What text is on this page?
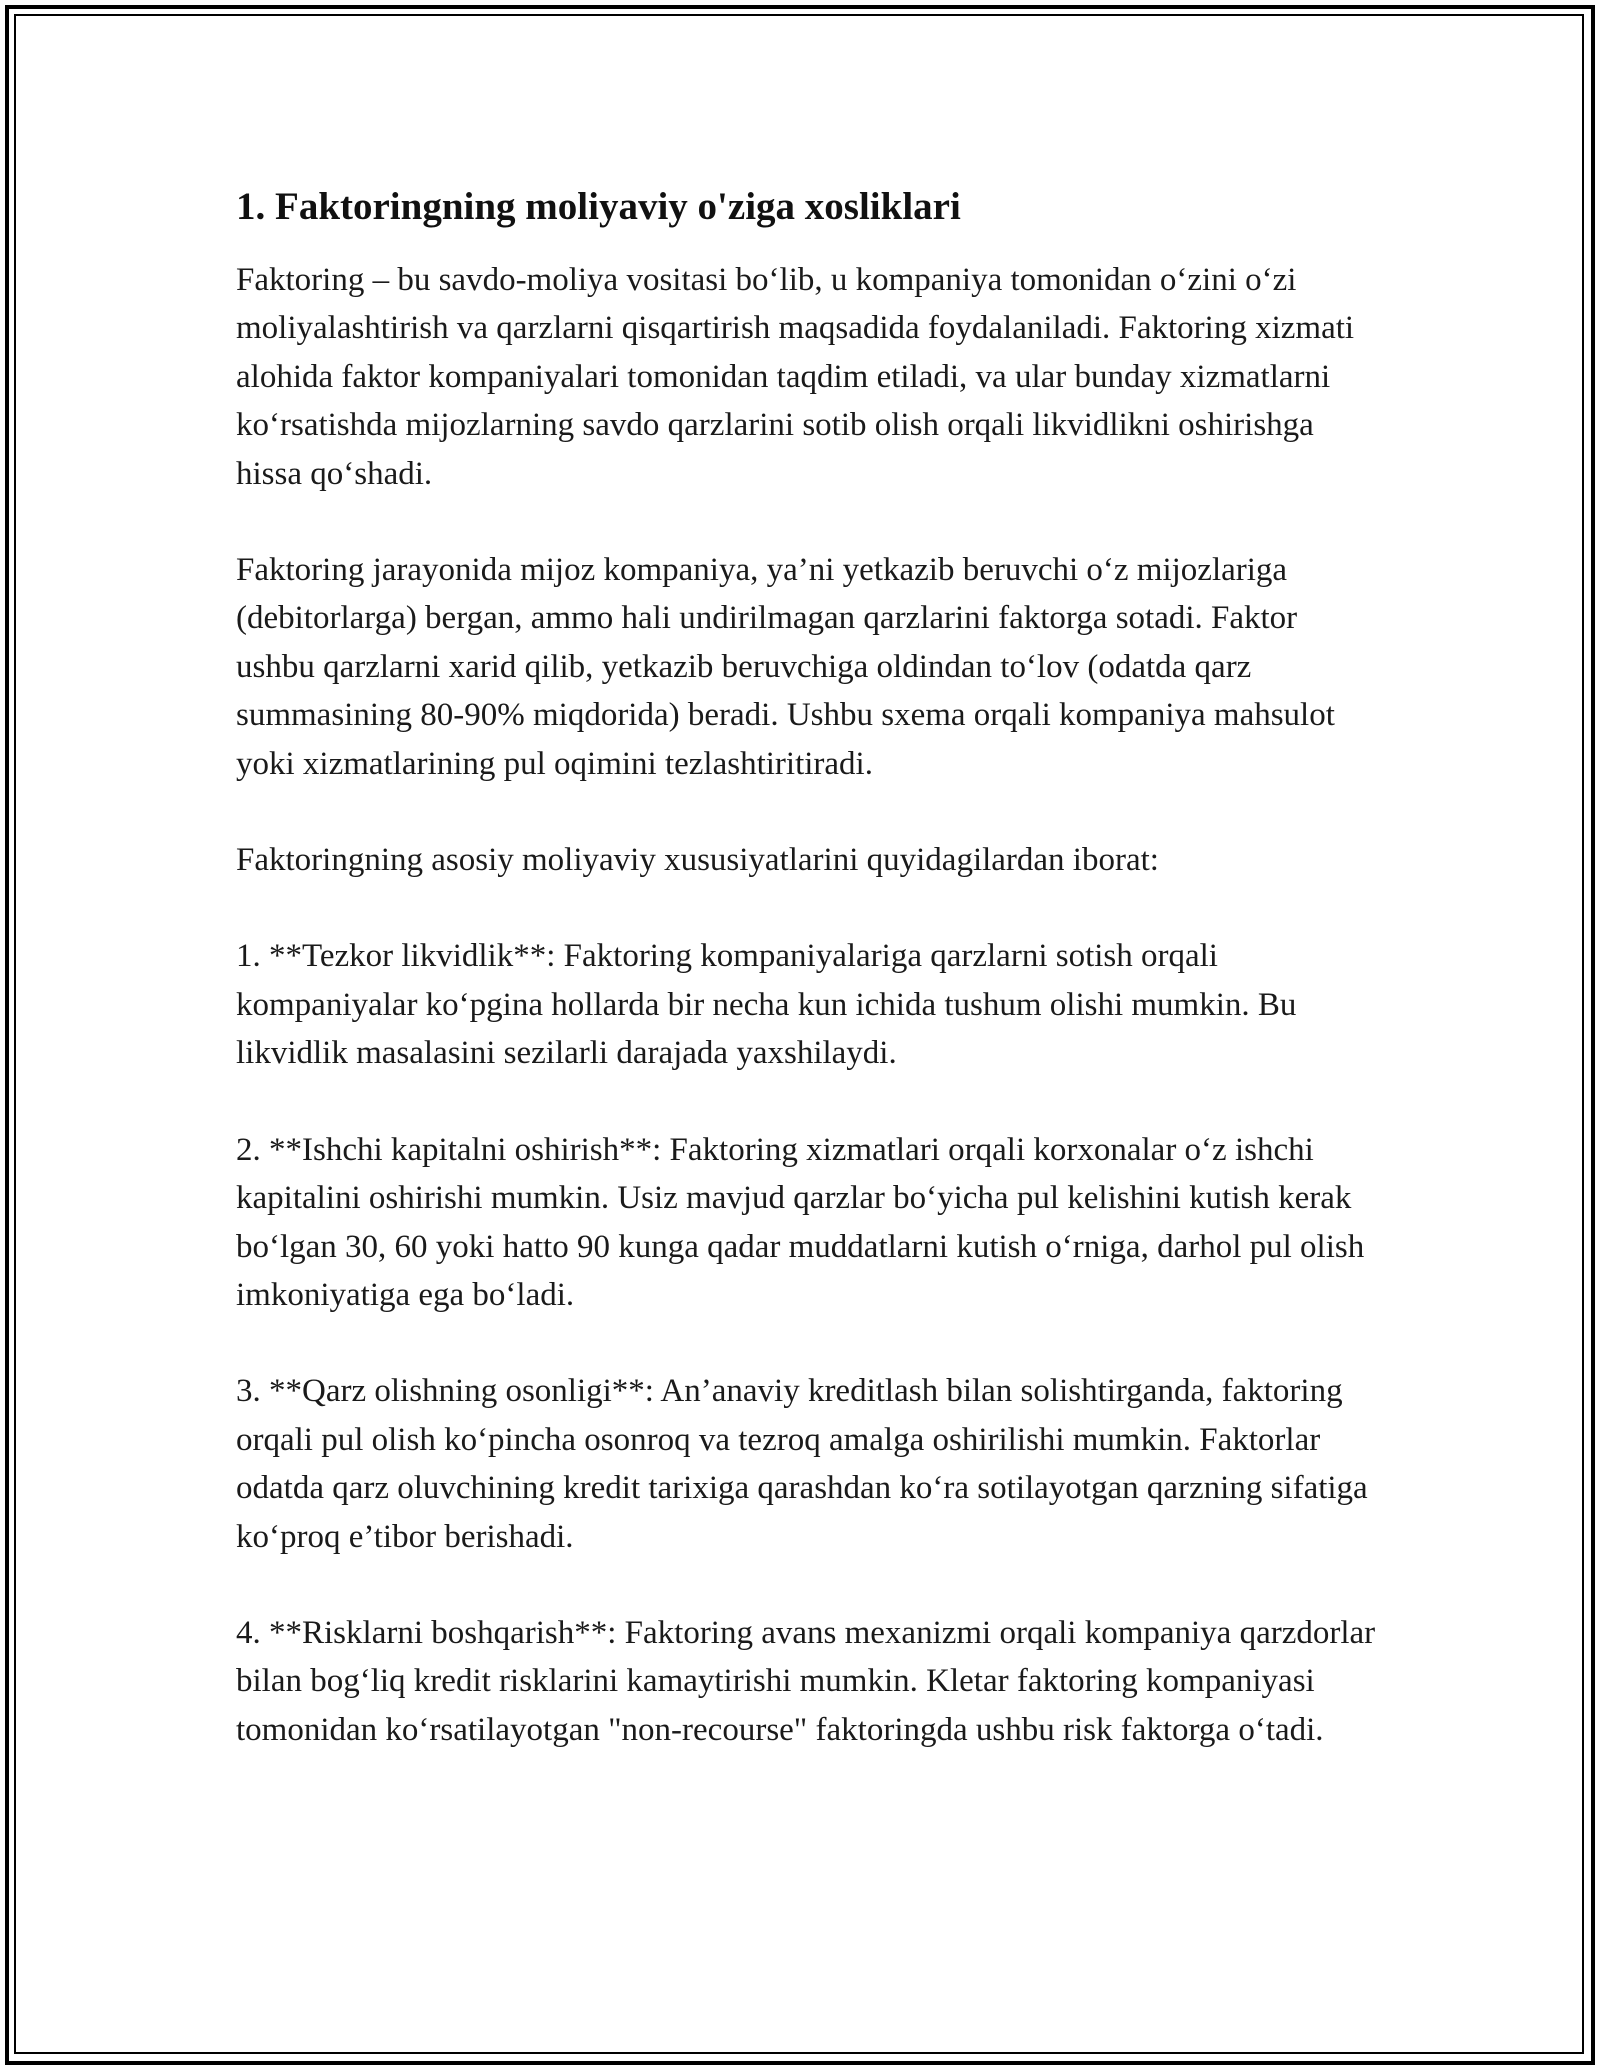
1. Faktoringning moliyaviy o'ziga xosliklari

Faktoring – bu savdo-moliya vositasi bo‘lib, u kompaniya tomonidan o‘zini o‘zi moliyalashtirish va qarzlarni qisqartirish maqsadida foydalaniladi. Faktoring xizmati alohida faktor kompaniyalari tomonidan taqdim etiladi, va ular bunday xizmatlarni ko‘rsatishda mijozlarning savdo qarzlarini sotib olish orqali likvidlikni oshirishga hissa qo‘shadi.

Faktoring jarayonida mijoz kompaniya, ya’ni yetkazib beruvchi o‘z mijozlariga (debitorlarga) bergan, ammo hali undirilmagan qarzlarini faktorga sotadi. Faktor ushbu qarzlarni xarid qilib, yetkazib beruvchiga oldindan to‘lov (odatda qarz summasining 80-90% miqdorida) beradi. Ushbu sxema orqali kompaniya mahsulot yoki xizmatlarining pul oqimini tezlashtiritiradi.

Faktoringning asosiy moliyaviy xususiyatlarini quyidagilardan iborat:

1. **Tezkor likvidlik**: Faktoring kompaniyalariga qarzlarni sotish orqali kompaniyalar ko‘pgina hollarda bir necha kun ichida tushum olishi mumkin. Bu likvidlik masalasini sezilarli darajada yaxshilaydi.

2. **Ishchi kapitalni oshirish**: Faktoring xizmatlari orqali korxonalar o‘z ishchi kapitalini oshirishi mumkin. Usiz mavjud qarzlar bo‘yicha pul kelishini kutish kerak bo‘lgan 30, 60 yoki hatto 90 kunga qadar muddatlarni kutish o‘rniga, darhol pul olish imkoniyatiga ega bo‘ladi.

3. **Qarz olishning osonligi**: An’anaviy kreditlash bilan solishtirganda, faktoring orqali pul olish ko‘pincha osonroq va tezroq amalga oshirilishi mumkin. Faktorlar odatda qarz oluvchining kredit tarixiga qarashdan ko‘ra sotilayotgan qarzning sifatiga ko‘proq e’tibor berishadi.

4. **Risklarni boshqarish**: Faktoring avans mexanizmi orqali kompaniya qarzdorlar bilan bog‘liq kredit risklarini kamaytirishi mumkin. Kletar faktoring kompaniyasi tomonidan ko‘rsatilayotgan "non-recourse" faktoringda ushbu risk faktorga o‘tadi.
